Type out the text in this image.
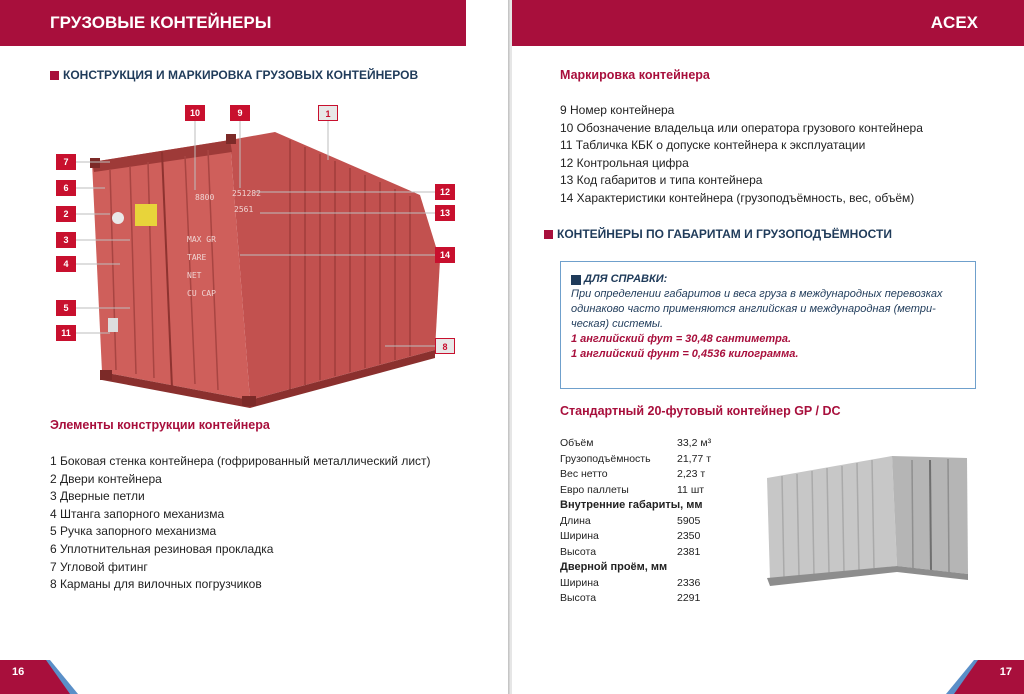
ГРУЗОВЫЕ КОНТЕЙНЕРЫ
КОНСТРУКЦИЯ И МАРКИРОВКА ГРУЗОВЫХ КОНТЕЙНЕРОВ
8800 251282
2561
MAX GR
TARE
NET
CU CAP
10	9	1
7
6
2
3
4
5
11
12
13
14
8
Элементы конструкции контейнера
1 Боковая стенка контейнера (гофрированный металлический лист)
2 Двери контейнера
3 Дверные петли
4 Штанга запорного механизма
5 Ручка запорного механизма
6 Уплотнительная резиновая прокладка
7 Угловой фитинг
8 Карманы для вилочных погрузчиков
16
ACEX
Маркировка контейнера
9 Номер контейнера
10 Обозначение владельца или оператора грузового контейнера
11 Табличка КБК о допуске контейнера к эксплуатации
12 Контрольная цифра
13 Код габаритов и типа контейнера
14 Характеристики контейнера (грузоподъёмность, вес, объём)
КОНТЕЙНЕРЫ ПО ГАБАРИТАМ И ГРУЗОПОДЪЁМНОСТИ
ДЛЯ СПРАВКИ:
При определении габаритов и веса груза в международных перевозках одинаково часто применяются английская и международная (метри-ческая) системы.
1 английский фут = 30,48 сантиметра.
1 английский фунт = 0,4536 килограмма.
Стандартный 20-футовый контейнер GP / DC
Объём	33,2 м³
Грузоподъёмность	21,77 т
Вес нетто	2,23 т
Евро паллеты	11 шт
Внутренние габариты, мм
Длина	5905
Ширина	2350
Высота	2381
Дверной проём, мм
Ширина	2336
Высота	2291
17
